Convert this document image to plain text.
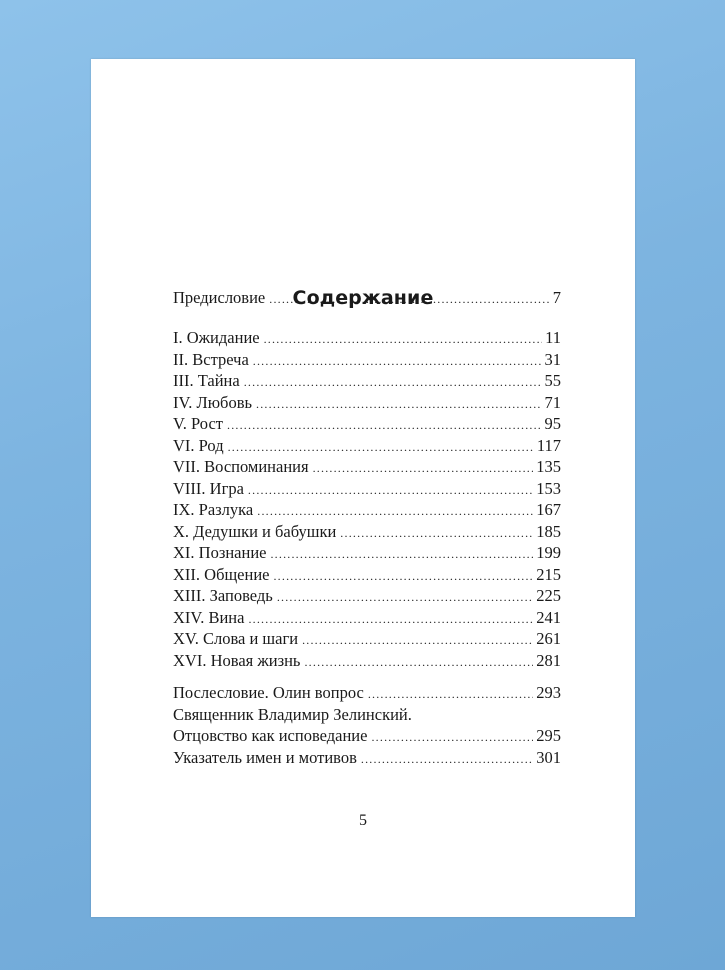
Содержание
Предисловие .....	7
I. Ожидание .....	11
II. Встреча .....	31
III. Тайна .....	55
IV. Любовь .....	71
V. Рост .....	95
VI. Род .....	117
VII. Воспоминания .....	135
VIII. Игра .....	153
IX. Разлука .....	167
X. Дедушки и бабушки .....	185
XI. Познание .....	199
XII. Общение .....	215
XIII. Заповедь .....	225
XIV. Вина .....	241
XV. Слова и шаги .....	261
XVI. Новая жизнь .....	281
Послесловие. Олин вопрос .....	293
Священник Владимир Зелинский.
Отцовство как исповедание .....	295
Указатель имен и мотивов .....	301

5
